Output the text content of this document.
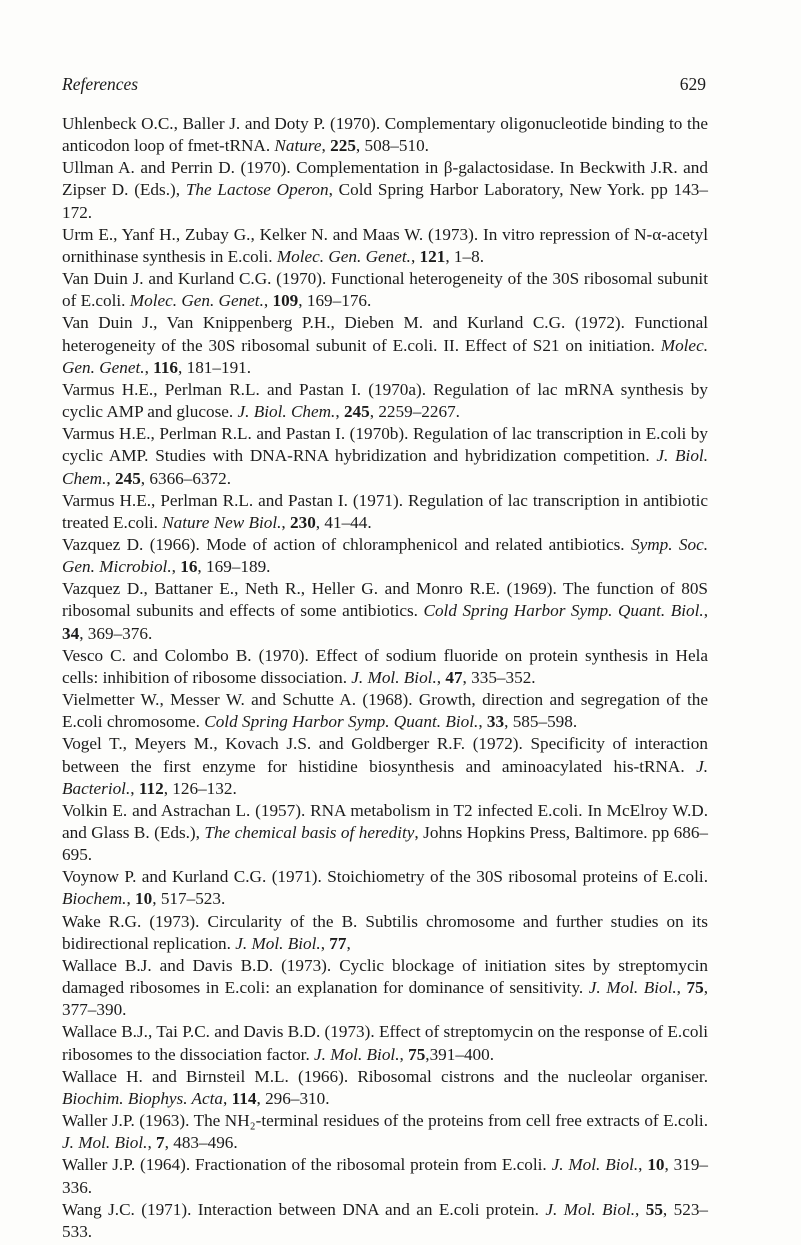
References	629

Uhlenbeck O.C., Baller J. and Doty P. (1970). Complementary oligonucleotide binding to the anticodon loop of fmet-tRNA. Nature, 225, 508–510.

Ullman A. and Perrin D. (1970). Complementation in β-galactosidase. In Beckwith J.R. and Zipser D. (Eds.), The Lactose Operon, Cold Spring Harbor Laboratory, New York. pp 143–172.

Urm E., Yanf H., Zubay G., Kelker N. and Maas W. (1973). In vitro repression of N-α-acetyl ornithinase synthesis in E.coli. Molec. Gen. Genet., 121, 1–8.

Van Duin J. and Kurland C.G. (1970). Functional heterogeneity of the 30S ribosomal subunit of E.coli. Molec. Gen. Genet., 109, 169–176.

Van Duin J., Van Knippenberg P.H., Dieben M. and Kurland C.G. (1972). Functional heterogeneity of the 30S ribosomal subunit of E.coli. II. Effect of S21 on initiation. Molec. Gen. Genet., 116, 181–191.

Varmus H.E., Perlman R.L. and Pastan I. (1970a). Regulation of lac mRNA synthesis by cyclic AMP and glucose. J. Biol. Chem., 245, 2259–2267.

Varmus H.E., Perlman R.L. and Pastan I. (1970b). Regulation of lac transcription in E.coli by cyclic AMP. Studies with DNA-RNA hybridization and hybridization competition. J. Biol. Chem., 245, 6366–6372.

Varmus H.E., Perlman R.L. and Pastan I. (1971). Regulation of lac transcription in antibiotic treated E.coli. Nature New Biol., 230, 41–44.

Vazquez D. (1966). Mode of action of chloramphenicol and related antibiotics. Symp. Soc. Gen. Microbiol., 16, 169–189.

Vazquez D., Battaner E., Neth R., Heller G. and Monro R.E. (1969). The function of 80S ribosomal subunits and effects of some antibiotics. Cold Spring Harbor Symp. Quant. Biol., 34, 369–376.

Vesco C. and Colombo B. (1970). Effect of sodium fluoride on protein synthesis in Hela cells: inhibition of ribosome dissociation. J. Mol. Biol., 47, 335–352.

Vielmetter W., Messer W. and Schutte A. (1968). Growth, direction and segregation of the E.coli chromosome. Cold Spring Harbor Symp. Quant. Biol., 33, 585–598.

Vogel T., Meyers M., Kovach J.S. and Goldberger R.F. (1972). Specificity of interaction between the first enzyme for histidine biosynthesis and aminoacylated his-tRNA. J. Bacteriol., 112, 126–132.

Volkin E. and Astrachan L. (1957). RNA metabolism in T2 infected E.coli. In McElroy W.D. and Glass B. (Eds.), The chemical basis of heredity, Johns Hopkins Press, Baltimore. pp 686–695.

Voynow P. and Kurland C.G. (1971). Stoichiometry of the 30S ribosomal proteins of E.coli. Biochem., 10, 517–523.

Wake R.G. (1973). Circularity of the B. Subtilis chromosome and further studies on its bidirectional replication. J. Mol. Biol., 77,

Wallace B.J. and Davis B.D. (1973). Cyclic blockage of initiation sites by streptomycin damaged ribosomes in E.coli: an explanation for dominance of sensitivity. J. Mol. Biol., 75, 377–390.

Wallace B.J., Tai P.C. and Davis B.D. (1973). Effect of streptomycin on the response of E.coli ribosomes to the dissociation factor. J. Mol. Biol., 75,391–400.

Wallace H. and Birnsteil M.L. (1966). Ribosomal cistrons and the nucleolar organiser. Biochim. Biophys. Acta, 114, 296–310.

Waller J.P. (1963). The NH₂-terminal residues of the proteins from cell free extracts of E.coli. J. Mol. Biol., 7, 483–496.

Waller J.P. (1964). Fractionation of the ribosomal protein from E.coli. J. Mol. Biol., 10, 319–336.

Wang J.C. (1971). Interaction between DNA and an E.coli protein. J. Mol. Biol., 55, 523–533.
